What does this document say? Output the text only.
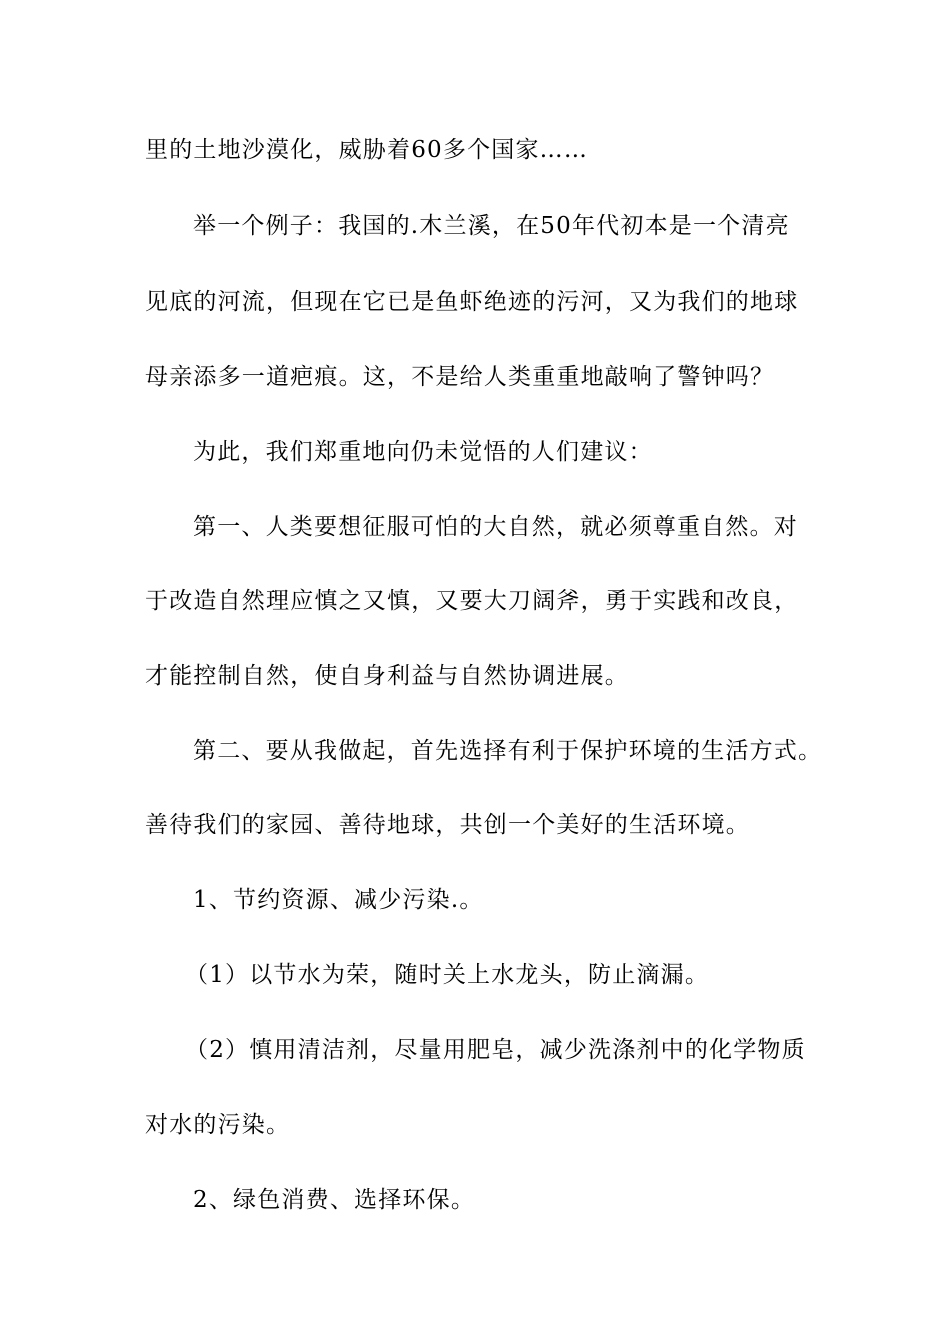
里的土地沙漠化，威胁着60多个国家……
举一个例子：我国的.木兰溪，在50年代初本是一个清亮
见底的河流，但现在它已是鱼虾绝迹的污河，又为我们的地球
母亲添多一道疤痕。这，不是给人类重重地敲响了警钟吗？
为此，我们郑重地向仍未觉悟的人们建议：
第一、人类要想征服可怕的大自然，就必须尊重自然。对
于改造自然理应慎之又慎，又要大刀阔斧，勇于实践和改良，
才能控制自然，使自身利益与自然协调进展。
第二、要从我做起，首先选择有利于保护环境的生活方式。
善待我们的家园、善待地球，共创一个美好的生活环境。
1、节约资源、减少污染.。
（1）以节水为荣，随时关上水龙头，防止滴漏。
（2）慎用清洁剂，尽量用肥皂，减少洗涤剂中的化学物质
对水的污染。
2、绿色消费、选择环保。
